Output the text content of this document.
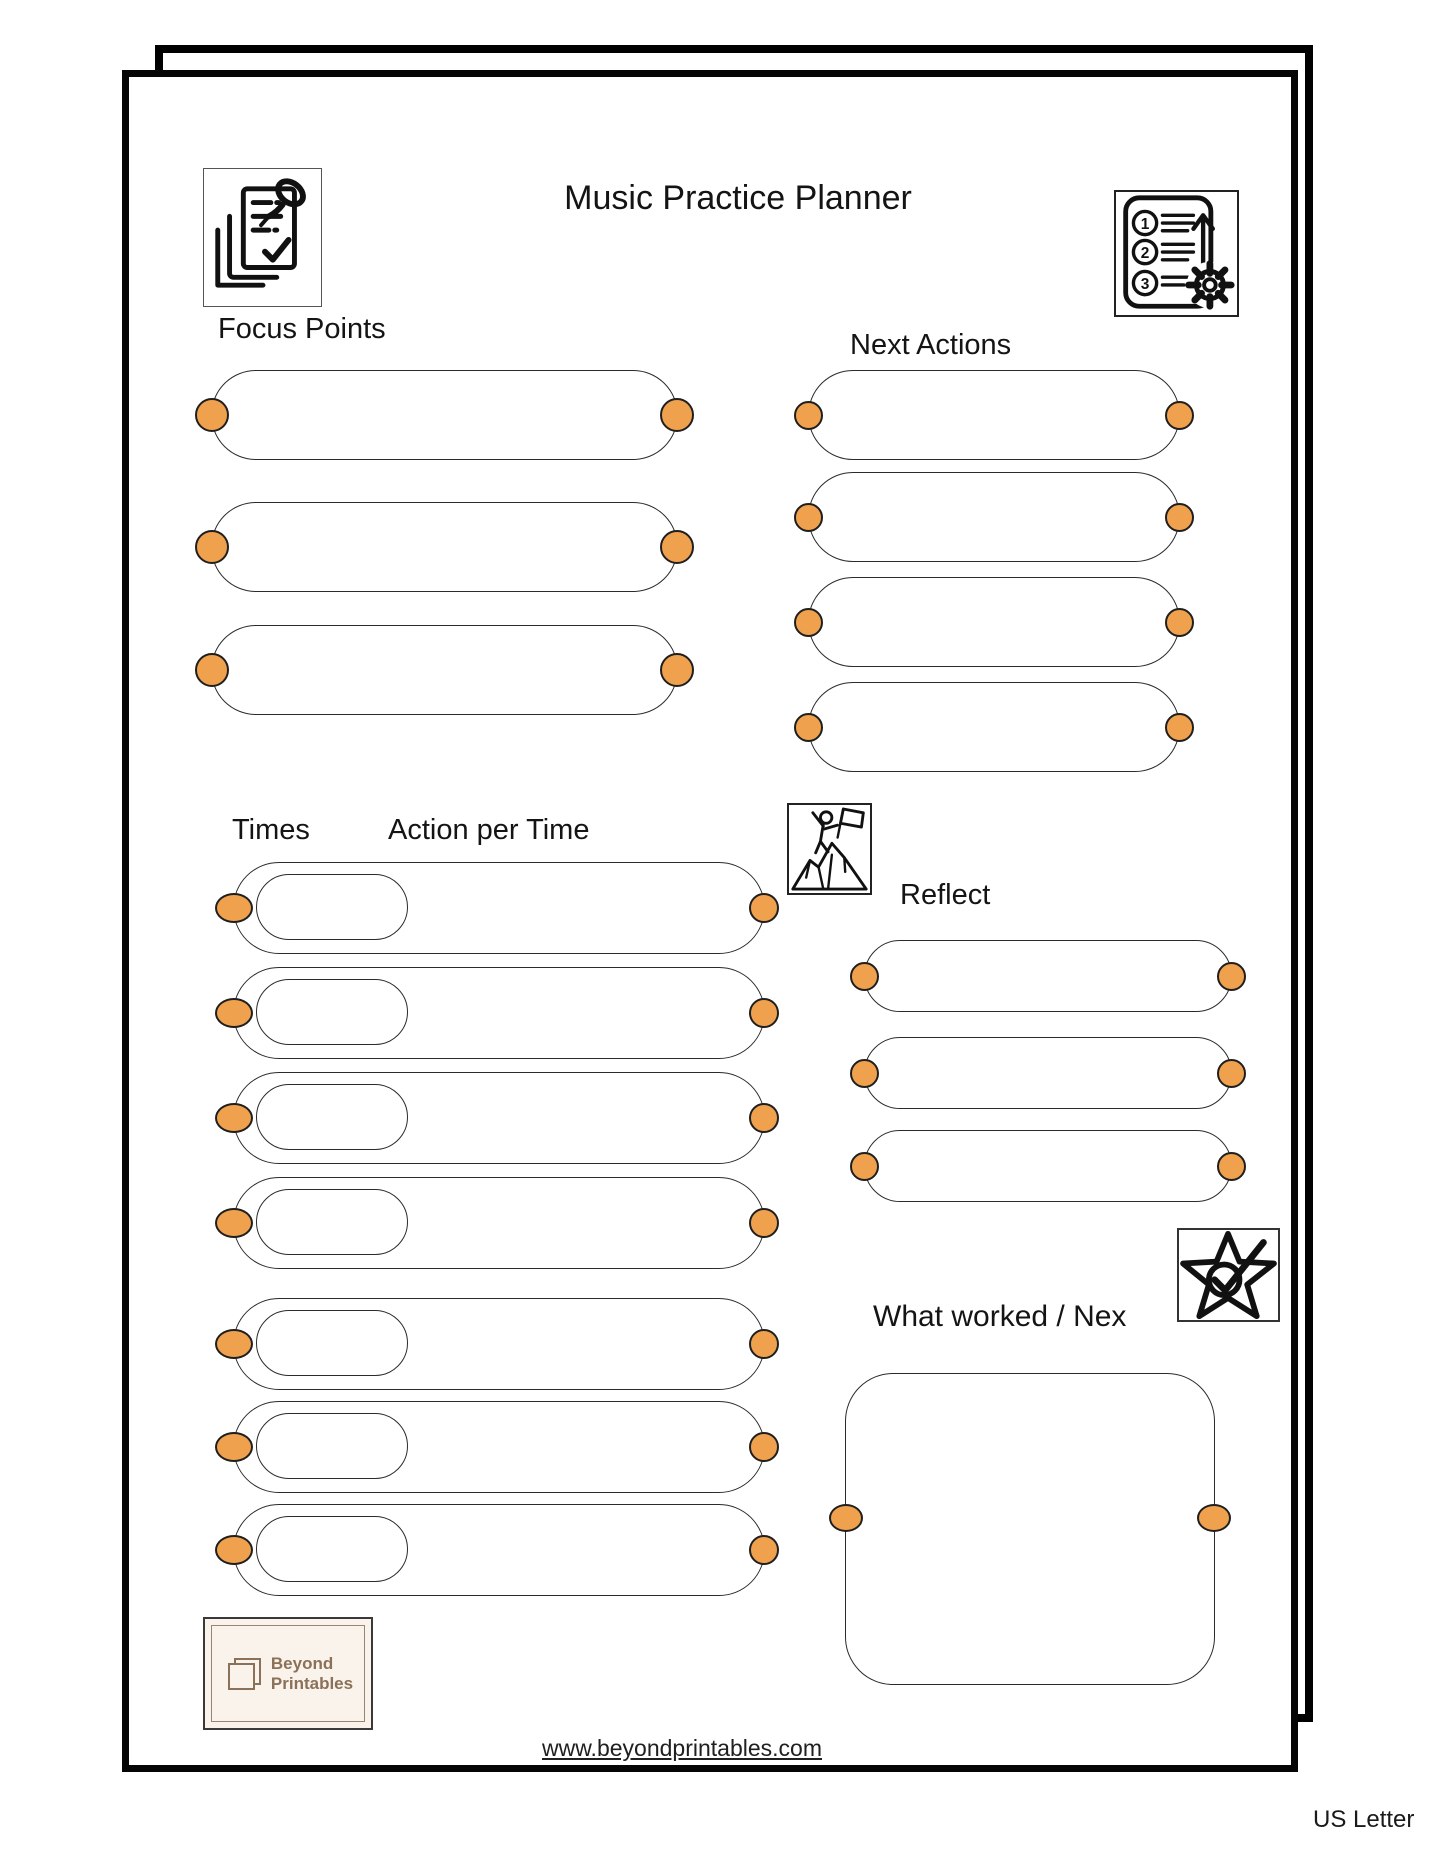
Music Practice Planner
1
2
3
Focus Points	Next Actions
Times	Action per Time
Reflect
What worked / Nex
Beyond
Printables
www.beyondprintables.com
US Letter
